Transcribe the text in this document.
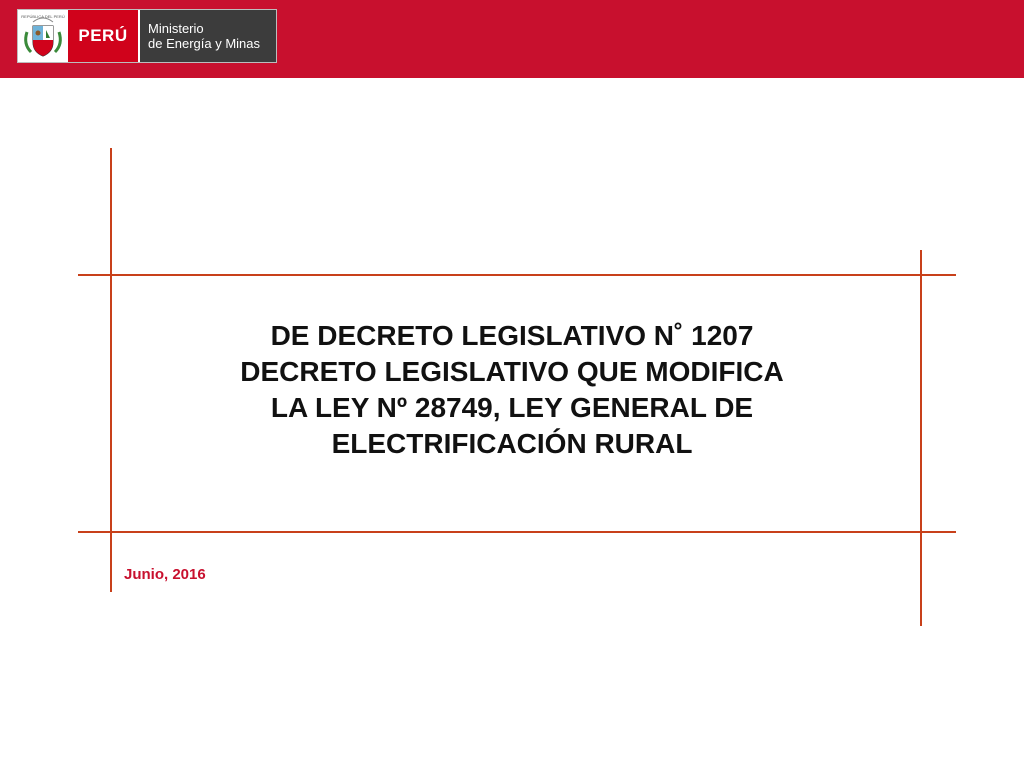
REPÚBLICA DEL PERÚ
PERÚ	Ministerio
de Energía y Minas
DE DECRETO LEGISLATIVO N˚ 1207
DECRETO LEGISLATIVO QUE MODIFICA
LA LEY Nº 28749, LEY GENERAL DE
ELECTRIFICACIÓN RURAL
Junio, 2016
